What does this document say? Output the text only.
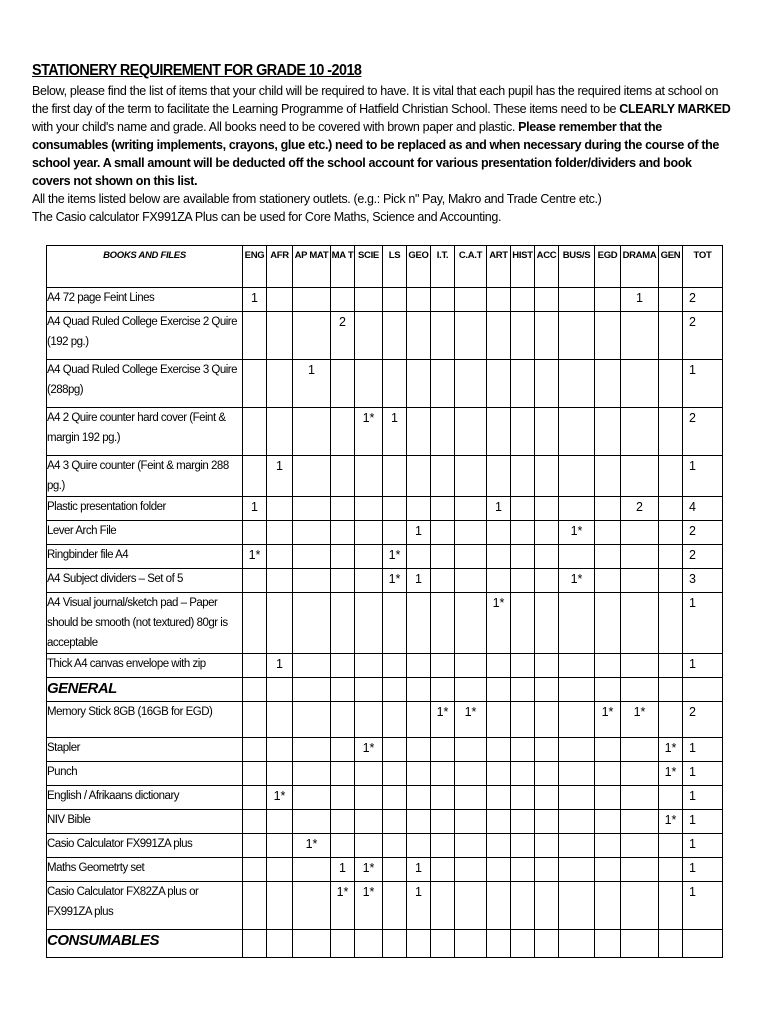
STATIONERY REQUIREMENT FOR GRADE 10 -2018

Below, please find the list of items that your child will be required to have. It is vital that each pupil has the required items at school on the first day of the term to facilitate the Learning Programme of Hatfield Christian School. These items need to be CLEARLY MARKED with your child's name and grade. All books need to be covered with brown paper and plastic. Please remember that the consumables (writing implements, crayons, glue etc.) need to be replaced as and when necessary during the course of the school year. A small amount will be deducted off the school account for various presentation folder/dividers and book covers not shown on this list.

All the items listed below are available from stationery outlets. (e.g.: Pick n" Pay, Makro and Trade Centre etc.)

The Casio calculator FX991ZA Plus can be used for Core Maths, Science and Accounting.

BOOKS AND FILES	ENG	AFR	AP MAT	MA T	SCIE	LS	GEO	I.T.	C.A.T	ART	HIST	ACC	BUS/S	EGD	DRAMA	GEN	TOT
A4 72 page Feint Lines	1														1		2
A4 Quad Ruled College Exercise 2 Quire (192 pg.)				2													2
A4 Quad Ruled College Exercise 3 Quire (288pg)			1														1
A4 2 Quire counter hard cover (Feint & margin 192 pg.)					1*	1											2
A4 3 Quire counter (Feint & margin 288 pg.)		1															1
Plastic presentation folder	1									1					2		4
Lever Arch File							1						1*				2
Ringbinder file A4	1*					1*											2
A4 Subject dividers – Set of 5						1*	1						1*				3
A4 Visual journal/sketch pad – Paper should be smooth (not textured) 80gr is acceptable										1*							1
Thick A4 canvas envelope with zip		1															1
GENERAL																	
Memory Stick 8GB (16GB for EGD)								1*	1*					1*	1*		2
Stapler					1*											1*	1
Punch																1*	1
English / Afrikaans dictionary		1*															1
NIV Bible																1*	1
Casio Calculator FX991ZA plus			1*														1
Maths Geometrty set				1	1*		1										1
Casio Calculator FX82ZA plus or FX991ZA plus				1*	1*		1										1
CONSUMABLES																	
